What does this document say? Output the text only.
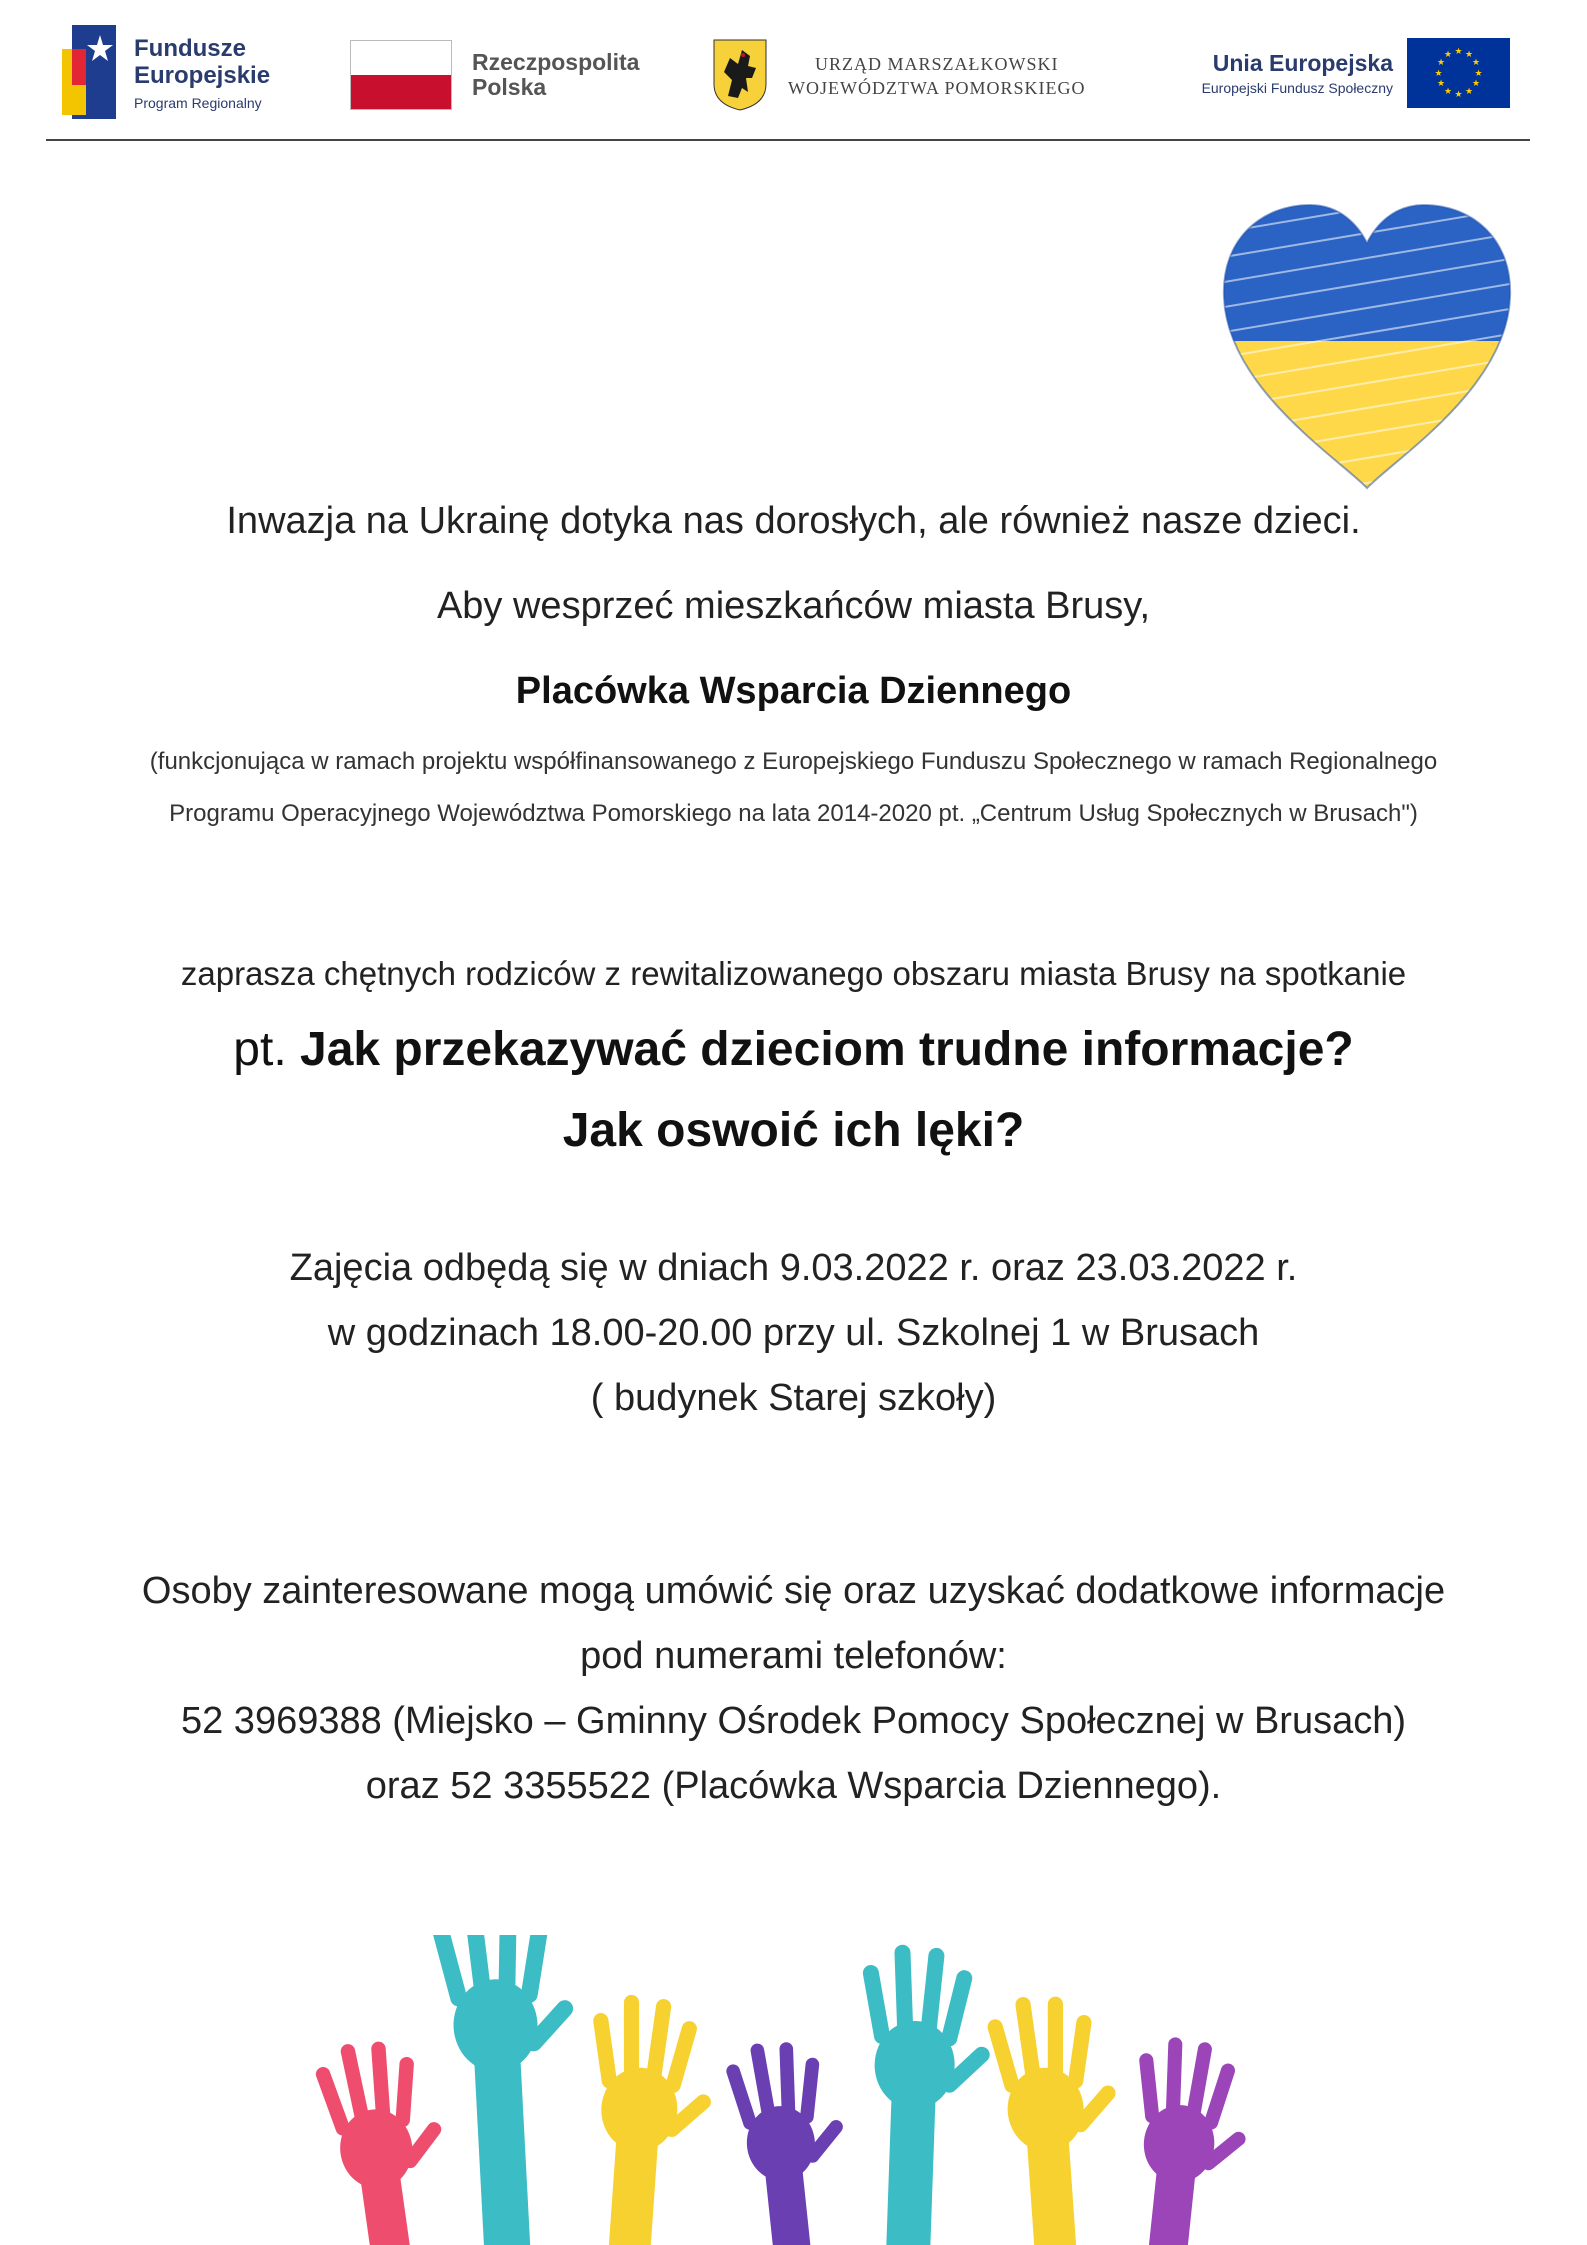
Fundusze
Europejskie
Program Regionalny
Rzeczpospolita
Polska
URZĄD MARSZAŁKOWSKI
WOJEWÓDZTWA POMORSKIEGO
Unia Europejska
Europejski Fundusz Społeczny
★ ★
★
★
★
★
★
★
★
★
★
★
Inwazja na Ukrainę dotyka nas dorosłych, ale również nasze dzieci.
Aby wesprzeć mieszkańców miasta Brusy,
Placówka Wsparcia Dziennego
(funkcjonująca w ramach projektu współfinansowanego z Europejskiego Funduszu Społecznego w ramach Regionalnego
Programu Operacyjnego Województwa Pomorskiego na lata 2014-2020 pt. „Centrum Usług Społecznych w Brusach")
zaprasza chętnych rodziców z rewitalizowanego obszaru miasta Brusy na spotkanie
pt. Jak przekazywać dzieciom trudne informacje?
Jak oswoić ich lęki?
Zajęcia odbędą się w dniach 9.03.2022 r. oraz 23.03.2022 r.
w godzinach 18.00-20.00 przy ul. Szkolnej 1 w Brusach
( budynek Starej szkoły)
Osoby zainteresowane mogą umówić się oraz uzyskać dodatkowe informacje
pod numerami telefonów:
52 3969388 (Miejsko – Gminny Ośrodek Pomocy Społecznej w Brusach)
oraz 52 3355522 (Placówka Wsparcia Dziennego).
